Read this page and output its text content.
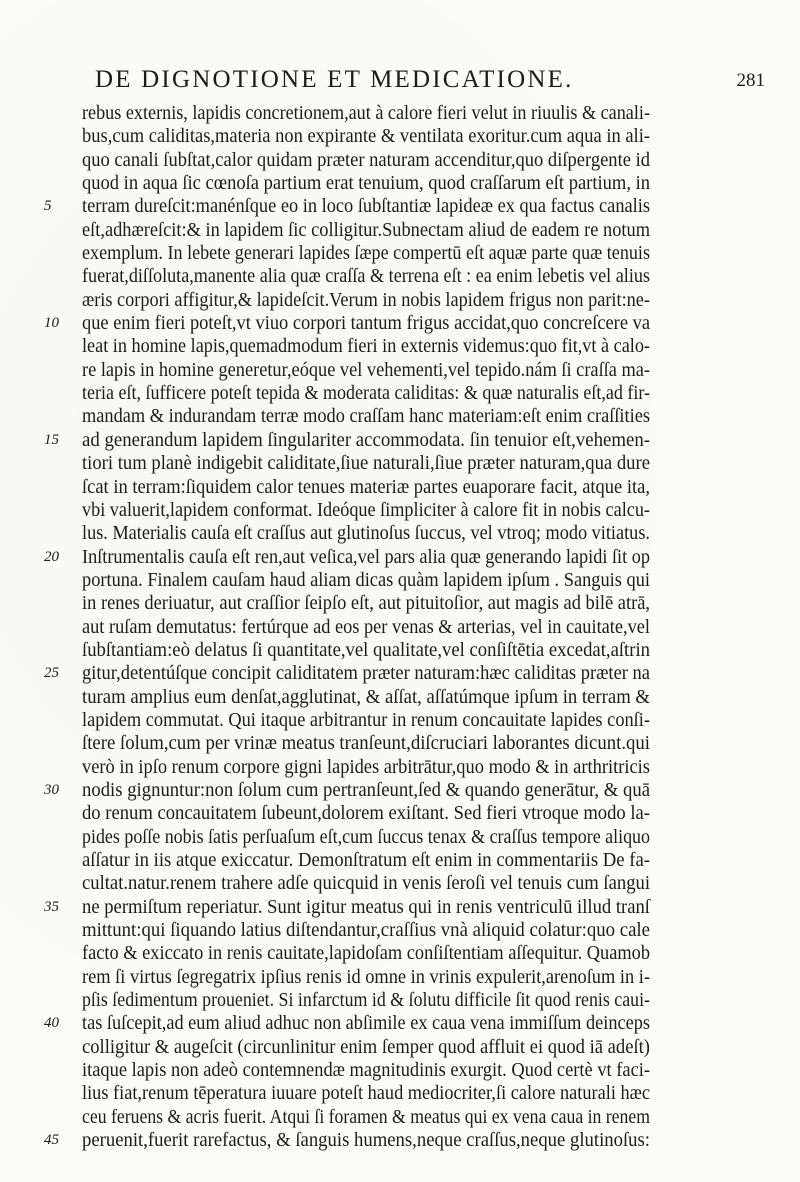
DE DIGNOTIONE ET MEDICATIONE.	281
rebus externis, lapidis concretionem,aut à calore fieri velut in riuulis & canali-
bus,cum caliditas,materia non expirante & ventilata exoritur.cum aqua in ali-
quo canali ſubſtat,calor quidam præter naturam accenditur,quo diſpergente id
quod in aqua ſic cœnoſa partium erat tenuium, quod craſſarum eſt partium, in
5	terram dureſcit:manénſque eo in loco ſubſtantiæ lapideæ ex qua factus canalis
eſt,adhæreſcit:& in lapidem ſic colligitur.Subnectam aliud de eadem re notum
exemplum. In lebete generari lapides ſæpe compertū eſt aquæ parte quæ tenuis
fuerat,diſſoluta,manente alia quæ craſſa & terrena eſt : ea enim lebetis vel alius
æris corpori affigitur,& lapideſcit.Verum in nobis lapidem frigus non parit:ne-
10	que enim fieri poteſt,vt viuo corpori tantum frigus accidat,quo concreſcere va
leat in homine lapis,quemadmodum fieri in externis videmus:quo fit,vt à calo-
re lapis in homine generetur,eóque vel vehementi,vel tepido.nám ſi craſſa ma-
teria eſt, ſufficere poteſt tepida & moderata caliditas: & quæ naturalis eſt,ad fir-
mandam & indurandam terræ modo craſſam hanc materiam:eſt enim craſſities
15	ad generandum lapidem ſingulariter accommodata. ſin tenuior eſt,vehemen-
tiori tum planè indigebit caliditate,ſiue naturali,ſiue præter naturam,qua dure
ſcat in terram:ſiquidem calor tenues materiæ partes euaporare facit, atque ita,
vbi valuerit,lapidem conformat. Ideóque ſimpliciter à calore fit in nobis calcu-
lus. Materialis cauſa eſt craſſus aut glutinoſus ſuccus, vel vtroq; modo vitiatus.
20	Inſtrumentalis cauſa eſt ren,aut veſica,vel pars alia quæ generando lapidi ſit op
portuna. Finalem cauſam haud aliam dicas quàm lapidem ipſum . Sanguis qui
in renes deriuatur, aut craſſior ſeipſo eſt, aut pituitoſior, aut magis ad bilē atrā,
aut ruſam demutatus: fertúrque ad eos per venas & arterias, vel in cauitate,vel
ſubſtantiam:eò delatus ſi quantitate,vel qualitate,vel conſiſtētia excedat,aſtrin
25	gitur,detentúſque concipit caliditatem præter naturam:hæc caliditas præter na
turam amplius eum denſat,agglutinat, & aſſat, aſſatúmque ipſum in terram &
lapidem commutat. Qui itaque arbitrantur in renum concauitate lapides conſi-
ſtere ſolum,cum per vrinæ meatus tranſeunt,diſcruciari laborantes dicunt.qui
verò in ipſo renum corpore gigni lapides arbitrātur,quo modo & in arthritricis
30	nodis gignuntur:non ſolum cum pertranſeunt,ſed & quando generātur, & quā
do renum concauitatem ſubeunt,dolorem exiſtant. Sed fieri vtroque modo la-
pides poſſe nobis ſatis perſuaſum eſt,cum ſuccus tenax & craſſus tempore aliquo
aſſatur in iis atque exiccatur. Demonſtratum eſt enim in commentariis De fa-
cultat.natur.renem trahere adſe quicquid in venis ſeroſi vel tenuis cum ſangui
35	ne permiſtum reperiatur. Sunt igitur meatus qui in renis ventriculū illud tranſ
mittunt:qui ſiquando latius diſtendantur,craſſius vnà aliquid colatur:quo cale
facto & exiccato in renis cauitate,lapidoſam conſiſtentiam aſſequitur. Quamob
rem ſi virtus ſegregatrix ipſius renis id omne in vrinis expulerit,arenoſum in i-
pſis ſedimentum proueniet. Si infarctum id & ſolutu difficile ſit quod renis caui-
40	tas ſuſcepit,ad eum aliud adhuc non abſimile ex caua vena immiſſum deinceps
colligitur & augeſcit (circunlinitur enim ſemper quod affluit ei quod iā adeſt)
itaque lapis non adeò contemnendæ magnitudinis exurgit. Quod certè vt faci-
lius fiat,renum tēperatura iuuare poteſt haud mediocriter,ſi calore naturali hæc
ceu feruens & acris fuerit. Atqui ſi foramen & meatus qui ex vena caua in renem
45	peruenit,fuerit rarefactus, & ſanguis humens,neque craſſus,neque glutinoſus:
